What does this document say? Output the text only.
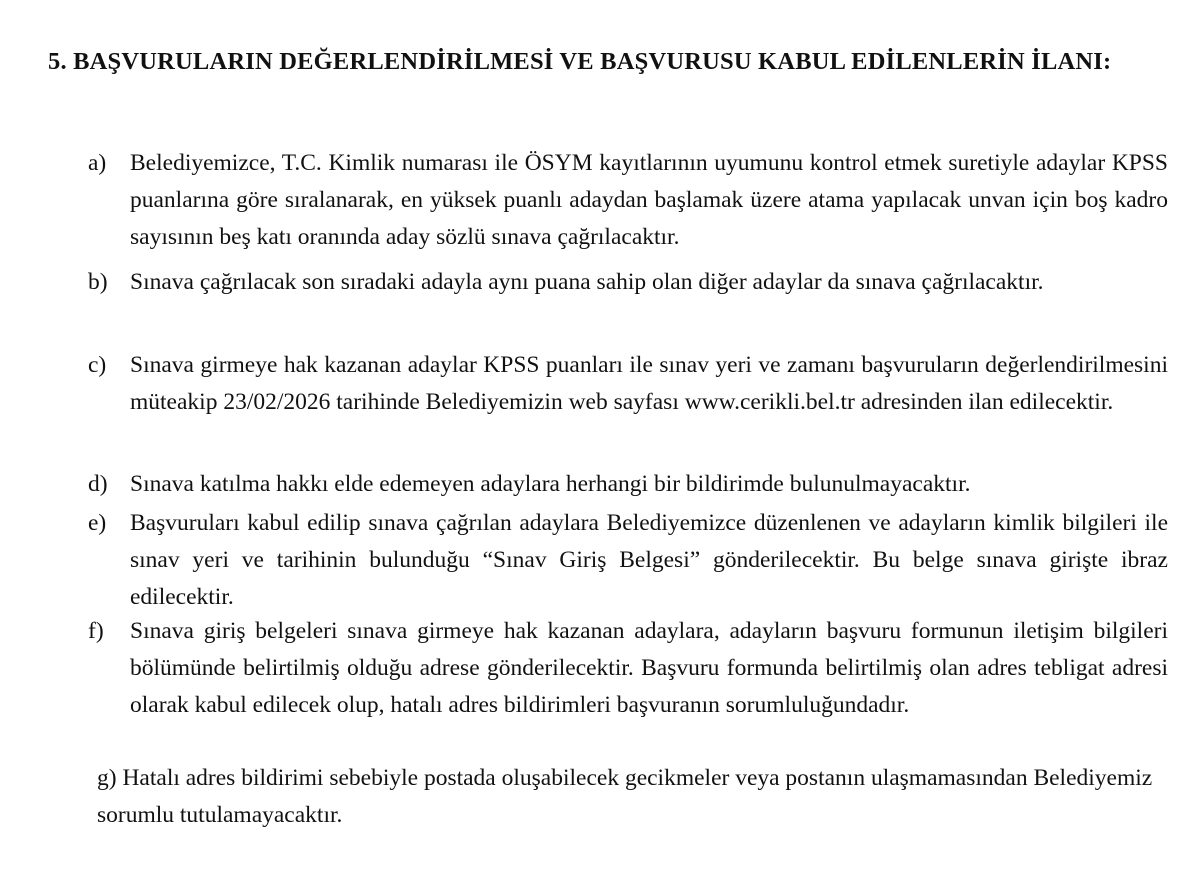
5. BAŞVURULARIN DEĞERLENDİRİLMESİ VE BAŞVURUSU KABUL EDİLENLERİN İLANI:
a)	Belediyemizce, T.C. Kimlik numarası ile ÖSYM kayıtlarının uyumunu kontrol etmek suretiyle adaylar KPSS puanlarına göre sıralanarak, en yüksek puanlı adaydan başlamak üzere atama yapılacak unvan için boş kadro sayısının beş katı oranında aday sözlü sınava çağrılacaktır.
b) Sınava çağrılacak son sıradaki adayla aynı puana sahip olan diğer adaylar da sınava çağrılacaktır.
c)	Sınava girmeye hak kazanan adaylar KPSS puanları ile sınav yeri ve zamanı başvuruların değerlendirilmesini müteakip 23/02/2026 tarihinde Belediyemizin web sayfası www.cerikli.bel.tr adresinden ilan edilecektir.
d) Sınava katılma hakkı elde edemeyen adaylara herhangi bir bildirimde bulunulmayacaktır.
e)	Başvuruları kabul edilip sınava çağrılan adaylara Belediyemizce düzenlenen ve adayların kimlik bilgileri ile sınav yeri ve tarihinin bulunduğu “Sınav Giriş Belgesi” gönderilecektir. Bu belge sınava girişte ibraz edilecektir.
f)	Sınava giriş belgeleri sınava girmeye hak kazanan adaylara, adayların başvuru formunun iletişim bilgileri bölümünde belirtilmiş olduğu adrese gönderilecektir. Başvuru formunda belirtilmiş olan adres tebligat adresi olarak kabul edilecek olup, hatalı adres bildirimleri başvuranın sorumluluğundadır.
g) Hatalı adres bildirimi sebebiyle postada oluşabilecek gecikmeler veya postanın ulaşmamasından Belediyemiz sorumlu tutulamayacaktır.
